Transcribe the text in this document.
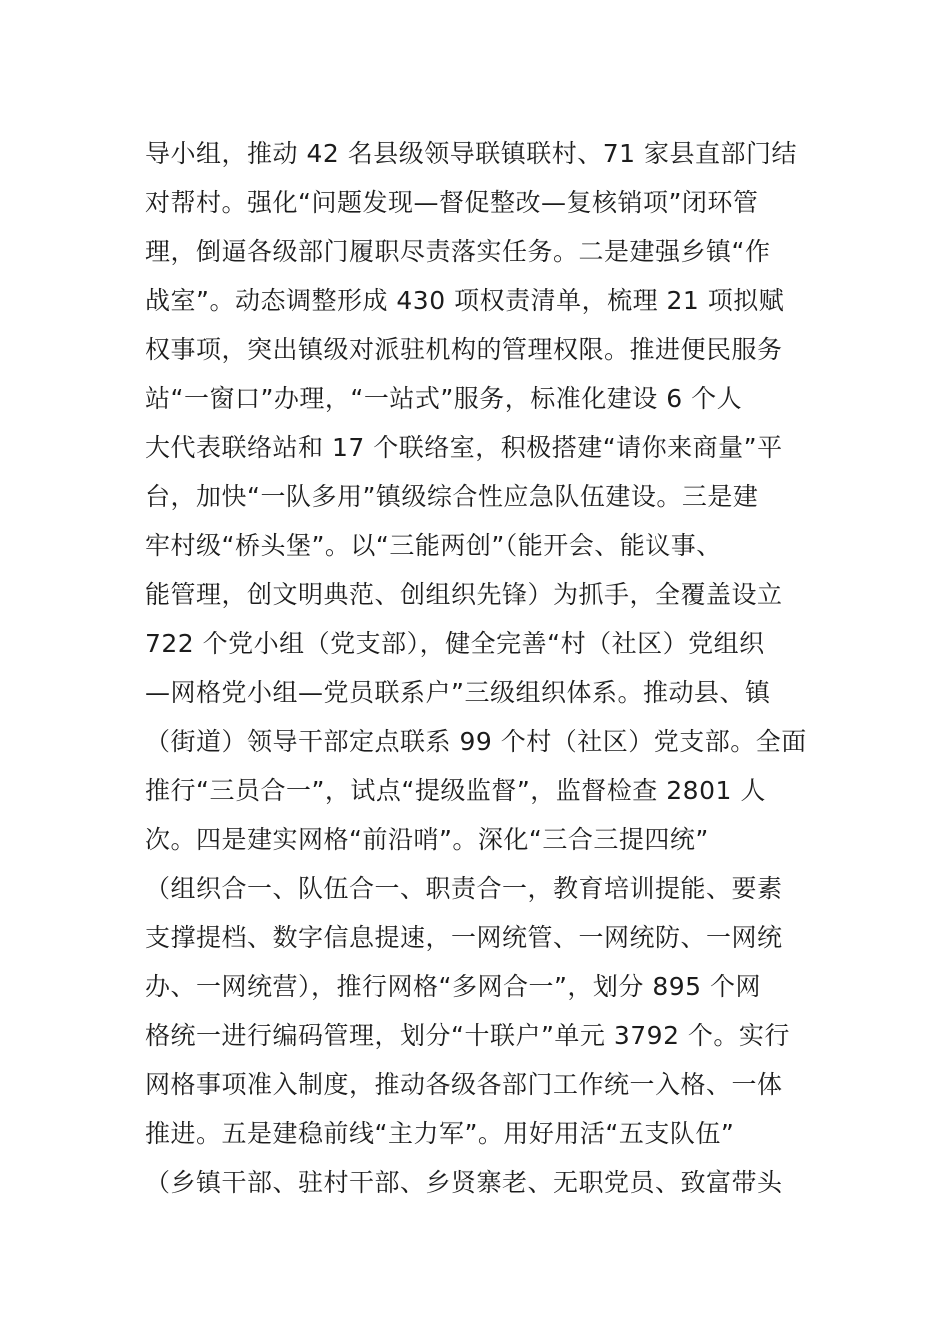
导小组，推动 42 名县级领导联镇联村、71 家县直部门结
对帮村。强化“问题发现—督促整改—复核销项”闭环管
理，倒逼各级部门履职尽责落实任务。二是建强乡镇“作
战室”。动态调整形成 430 项权责清单，梳理 21 项拟赋
权事项，突出镇级对派驻机构的管理权限。推进便民服务
站“一窗口”办理，“一站式”服务，标准化建设 6 个人
大代表联络站和 17 个联络室，积极搭建“请你来商量”平
台，加快“一队多用”镇级综合性应急队伍建设。三是建
牢村级“桥头堡”。以“三能两创”（能开会、能议事、
能管理，创文明典范、创组织先锋）为抓手，全覆盖设立
722 个党小组（党支部），健全完善“村（社区）党组织
—网格党小组—党员联系户”三级组织体系。推动县、镇
（街道）领导干部定点联系 99 个村（社区）党支部。全面
推行“三员合一”，试点“提级监督”，监督检查 2801 人
次。四是建实网格“前沿哨”。深化“三合三提四统”
（组织合一、队伍合一、职责合一，教育培训提能、要素
支撑提档、数字信息提速，一网统管、一网统防、一网统
办、一网统营），推行网格“多网合一”，划分 895 个网
格统一进行编码管理，划分“十联户”单元 3792 个。实行
网格事项准入制度，推动各级各部门工作统一入格、一体
推进。五是建稳前线“主力军”。用好用活“五支队伍”
（乡镇干部、驻村干部、乡贤寨老、无职党员、致富带头
